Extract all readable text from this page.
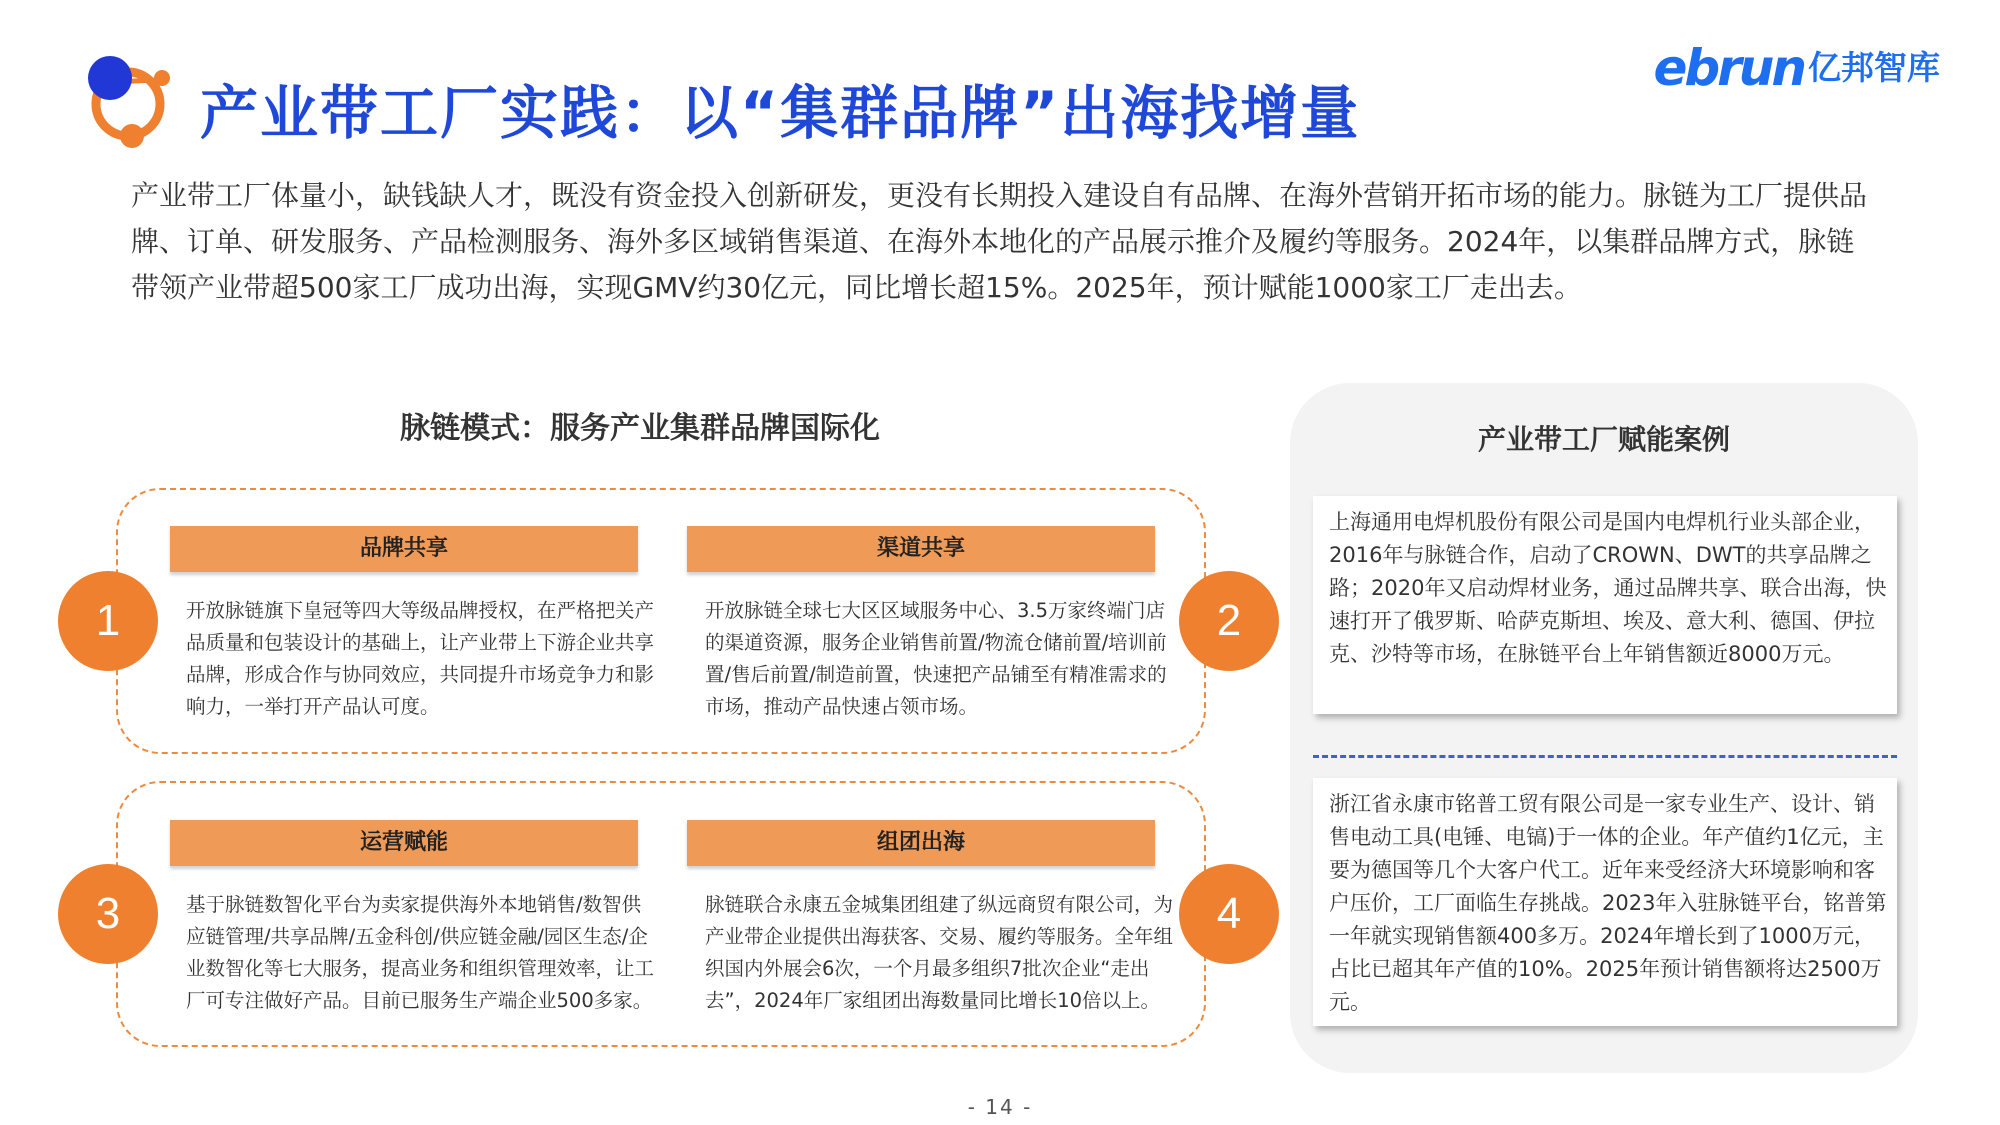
产业带工厂实践：以“集群品牌”出海找增量
ebrun 亿邦智库

产业带工厂体量小，缺钱缺人才，既没有资金投入创新研发，更没有长期投入建设自有品牌、在海外营销开拓市场的能力。脉链为工厂提供品牌、订单、研发服务、产品检测服务、海外多区域销售渠道、在海外本地化的产品展示推介及履约等服务。2024年，以集群品牌方式，脉链带领产业带超500家工厂成功出海，实现GMV约30亿元，同比增长超15%。2025年，预计赋能1000家工厂走出去。

脉链模式：服务产业集群品牌国际化
1
品牌共享

开放脉链旗下皇冠等四大等级品牌授权，在严格把关产品质量和包装设计的基础上，让产业带上下游企业共享品牌，形成合作与协同效应，共同提升市场竞争力和影响力，一举打开产品认可度。

2
渠道共享

开放脉链全球七大区区域服务中心、3.5万家终端门店的渠道资源，服务企业销售前置/物流仓储前置/培训前置/售后前置/制造前置，快速把产品铺至有精准需求的市场，推动产品快速占领市场。

3
运营赋能

基于脉链数智化平台为卖家提供海外本地销售/数智供应链管理/共享品牌/五金科创/供应链金融/园区生态/企业数智化等七大服务，提高业务和组织管理效率，让工厂可专注做好产品。目前已服务生产端企业500多家。

4
组团出海

脉链联合永康五金城集团组建了纵远商贸有限公司，为产业带企业提供出海获客、交易、履约等服务。全年组织国内外展会6次，一个月最多组织7批次企业“走出去”，2024年厂家组团出海数量同比增长10倍以上。

产业带工厂赋能案例
上海通用电焊机股份有限公司是国内电焊机行业头部企业，2016年与脉链合作，启动了CROWN、DWT的共享品牌之路；2020年又启动焊材业务，通过品牌共享、联合出海，快速打开了俄罗斯、哈萨克斯坦、埃及、意大利、德国、伊拉克、沙特等市场，在脉链平台上年销售额近8000万元。
浙江省永康市铭普工贸有限公司是一家专业生产、设计、销售电动工具(电锤、电镐)于一体的企业。年产值约1亿元，主要为德国等几个大客户代工。近年来受经济大环境影响和客户压价，工厂面临生存挑战。2023年入驻脉链平台，铭普第一年就实现销售额400多万。2024年增长到了1000万元，占比已超其年产值的10%。2025年预计销售额将达2500万元。
- 14 -
